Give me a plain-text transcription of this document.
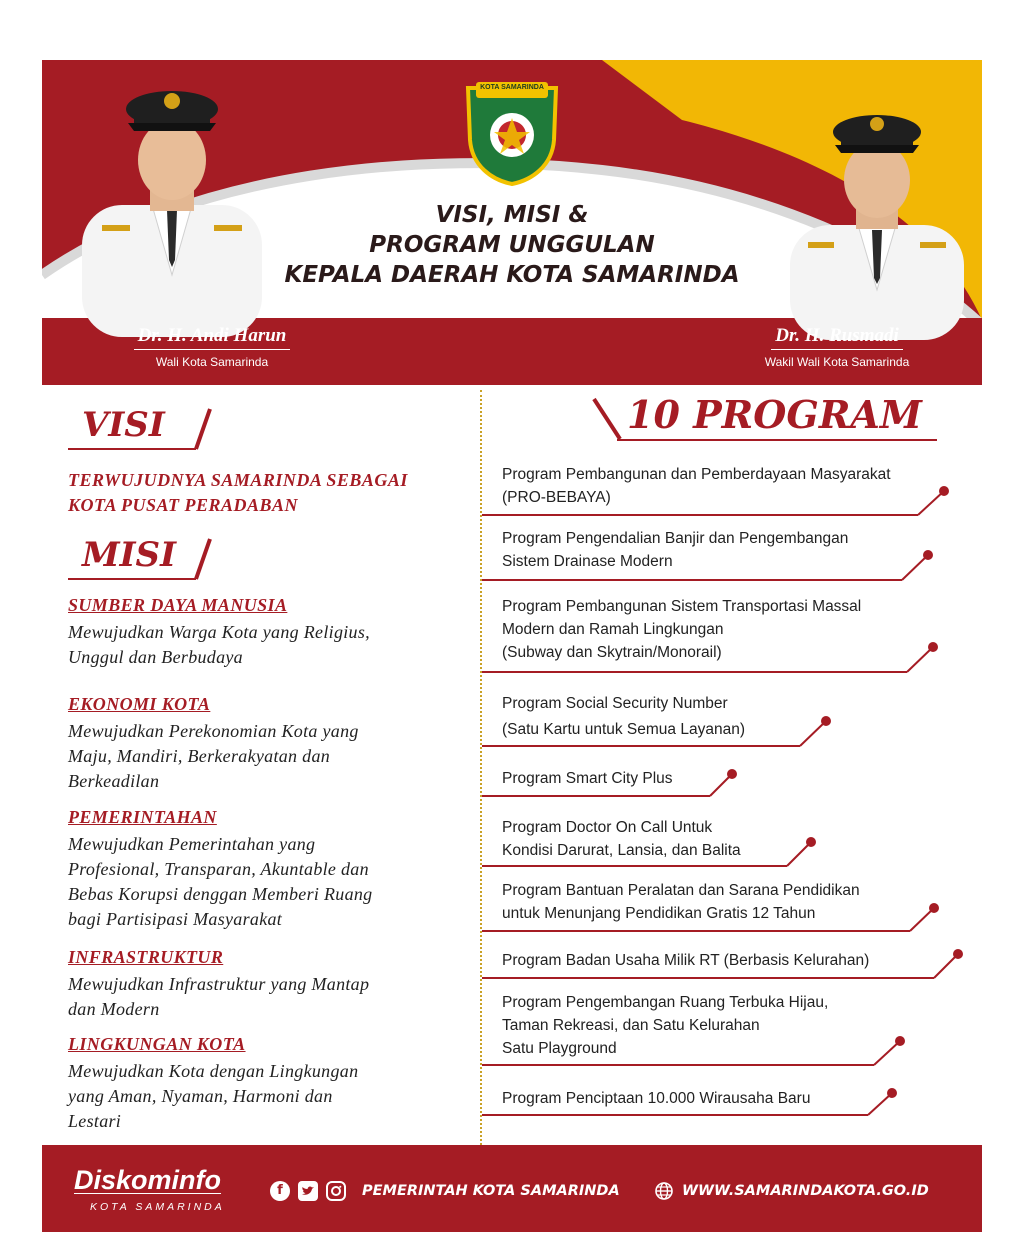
KOTA SAMARINDA
VISI, MISI &
PROGRAM UNGGULAN
KEPALA DAERAH KOTA SAMARINDA
Dr. H. Andi Harun
Wali Kota Samarinda
Dr. H. Rusmadi
Wakil Wali Kota Samarinda
VISI
TERWUJUDNYA SAMARINDA SEBAGAI
KOTA PUSAT PERADABAN
MISI
SUMBER DAYA MANUSIA
Mewujudkan Warga Kota yang Religius,
Unggul dan Berbudaya
EKONOMI KOTA
Mewujudkan Perekonomian Kota yang
Maju, Mandiri, Berkerakyatan dan
Berkeadilan
PEMERINTAHAN
Mewujudkan Pemerintahan yang
Profesional, Transparan, Akuntable dan
Bebas Korupsi denggan Memberi Ruang
bagi Partisipasi Masyarakat
INFRASTRUKTUR
Mewujudkan Infrastruktur yang Mantap
dan Modern
LINGKUNGAN KOTA
Mewujudkan Kota dengan Lingkungan
yang Aman, Nyaman, Harmoni dan
Lestari
10 PROGRAM
Program Pembangunan dan Pemberdayaan Masyarakat
(PRO-BEBAYA)
Program Pengendalian Banjir dan Pengembangan
Sistem Drainase Modern
Program Pembangunan Sistem Transportasi Massal
Modern dan Ramah Lingkungan
(Subway dan Skytrain/Monorail)
Program Social Security Number
(Satu Kartu untuk Semua Layanan)
Program Smart City Plus
Program Doctor On Call Untuk
Kondisi Darurat, Lansia, dan Balita
Program Bantuan Peralatan dan Sarana Pendidikan
untuk Menunjang Pendidikan Gratis 12 Tahun
Program Badan Usaha Milik RT (Berbasis Kelurahan)
Program Pengembangan Ruang Terbuka Hijau,
Taman Rekreasi, dan Satu Kelurahan
Satu Playground
Program Penciptaan 10.000 Wirausaha Baru
Diskominfo
KOTA SAMARINDA
f	PEMERINTAH KOTA SAMARINDA	WWW.SAMARINDAKOTA.GO.ID
